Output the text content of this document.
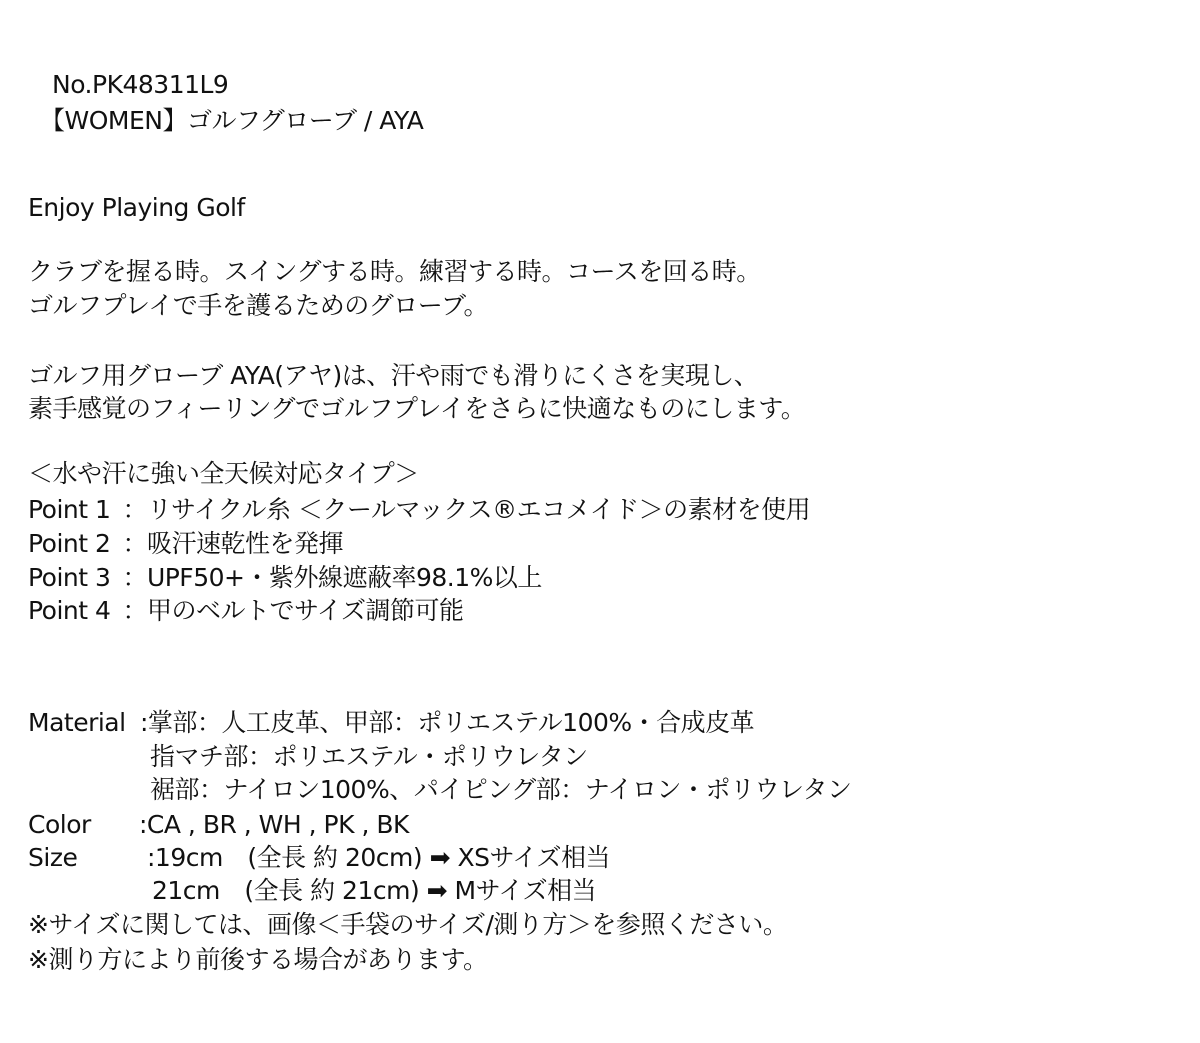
No.PK48311L9
【WOMEN】ゴルフグローブ / AYA
Enjoy Playing Golf
クラブを握る時。スイングする時。練習する時。コースを回る時。
ゴルフプレイで手を護るためのグローブ。
ゴルフ用グローブ AYA(アヤ)は、汗や雨でも滑りにくさを実現し、
素手感覚のフィーリングでゴルフプレイをさらに快適なものにします。
＜水や汗に強い全天候対応タイプ＞
Point 1 ：リサイクル糸 ＜クールマックス®エコメイド＞の素材を使用
Point 2 ：吸汗速乾性を発揮
Point 3 ：UPF50+・紫外線遮蔽率98.1%以上
Point 4 ：甲のベルトでサイズ調節可能
Material :掌部：人工皮革、甲部：ポリエステル100%・合成皮革
指マチ部：ポリエステル・ポリウレタン
裾部：ナイロン100%、パイピング部：ナイロン・ポリウレタン
Color :CA , BR , WH , PK , BK
Size	:19cm　(全長 約 20cm) ➡ XSサイズ相当
21cm　(全長 約 21cm) ➡ Mサイズ相当
※サイズに関しては、画像＜手袋のサイズ/測り方＞を参照ください。
※測り方により前後する場合があります。
